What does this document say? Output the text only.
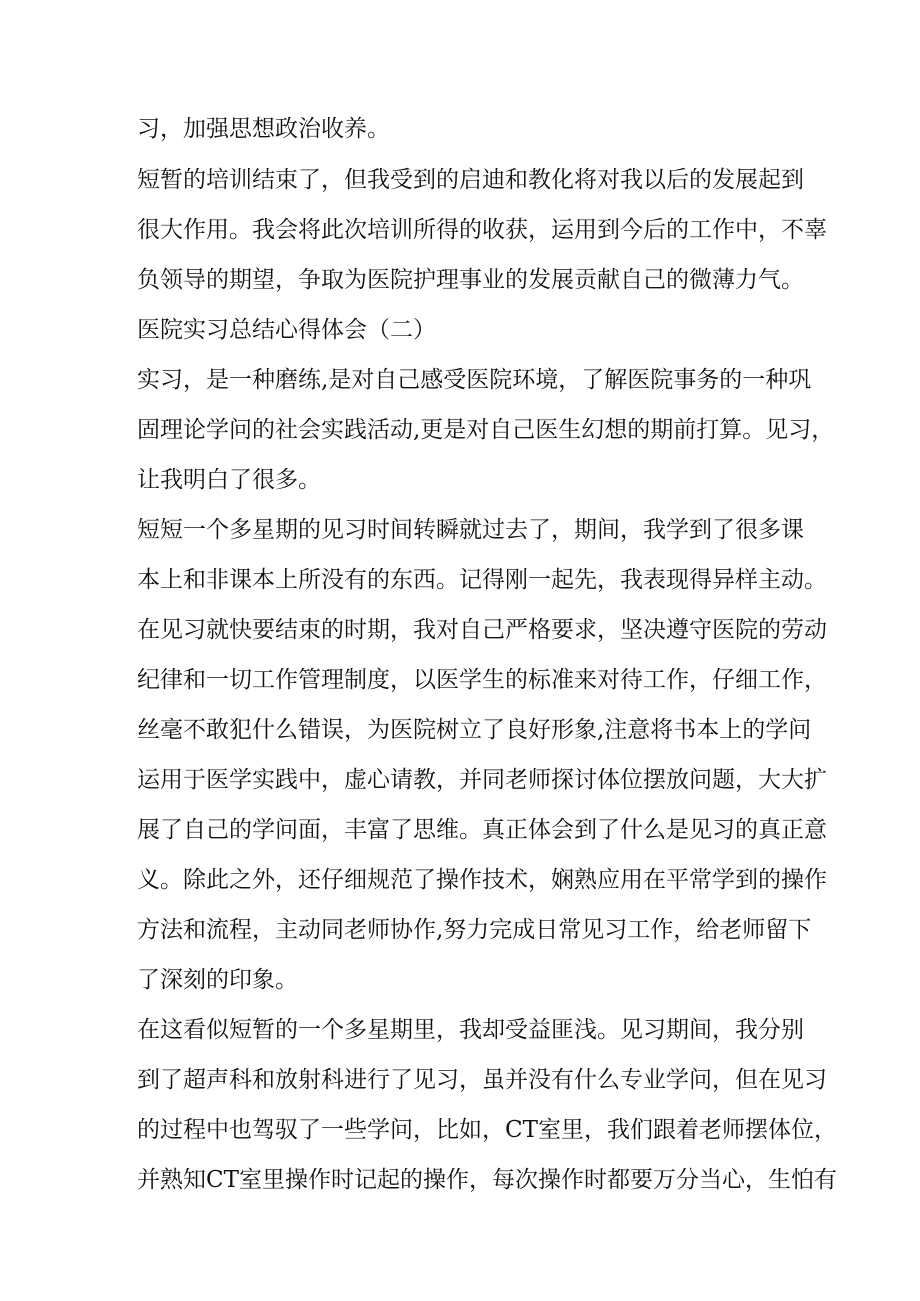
习，加强思想政治收养。
短暂的培训结束了，但我受到的启迪和教化将对我以后的发展起到
很大作用。我会将此次培训所得的收获，运用到今后的工作中，不辜
负领导的期望，争取为医院护理事业的发展贡献自己的微薄力气。
医院实习总结心得体会（二）
实习，是一种磨练,是对自己感受医院环境，了解医院事务的一种巩
固理论学问的社会实践活动,更是对自己医生幻想的期前打算。见习，
让我明白了很多。
短短一个多星期的见习时间转瞬就过去了，期间，我学到了很多课
本上和非课本上所没有的东西。记得刚一起先，我表现得异样主动。
在见习就快要结束的时期，我对自己严格要求，坚决遵守医院的劳动
纪律和一切工作管理制度，以医学生的标准来对待工作，仔细工作，
丝毫不敢犯什么错误，为医院树立了良好形象,注意将书本上的学问
运用于医学实践中，虚心请教，并同老师探讨体位摆放问题，大大扩
展了自己的学问面，丰富了思维。真正体会到了什么是见习的真正意
义。除此之外，还仔细规范了操作技术，娴熟应用在平常学到的操作
方法和流程，主动同老师协作,努力完成日常见习工作，给老师留下
了深刻的印象。
在这看似短暂的一个多星期里，我却受益匪浅。见习期间，我分别
到了超声科和放射科进行了见习，虽并没有什么专业学问，但在见习
的过程中也驾驭了一些学问，比如，CT室里，我们跟着老师摆体位，
并熟知CT室里操作时记起的操作，每次操作时都要万分当心，生怕有
